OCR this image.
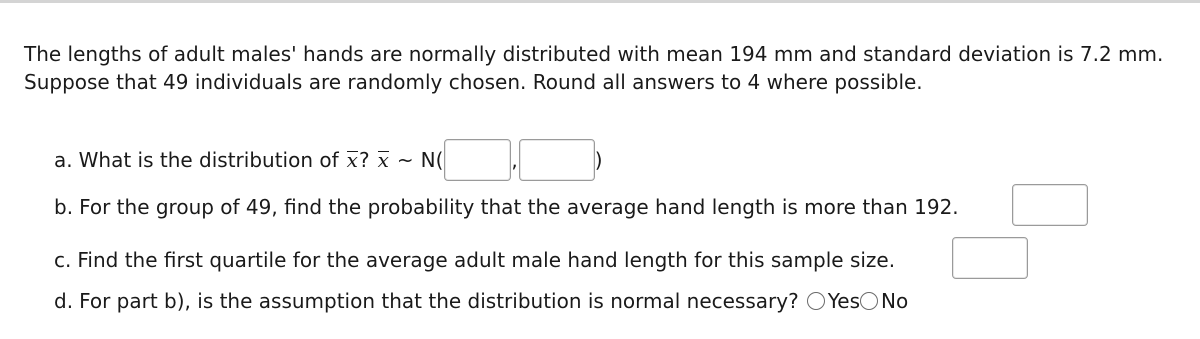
The lengths of adult males' hands are normally distributed with mean 194 mm and standard deviation is 7.2 mm. Suppose that 49 individuals are randomly chosen. Round all answers to 4 where possible.
a. What is the distribution of x ? x ~ N(	,	)
b. For the group of 49, find the probability that the average hand length is more than 192.
c. Find the first quartile for the average adult male hand length for this sample size.
d. For part b), is the assumption that the distribution is normal necessary? Yes No
